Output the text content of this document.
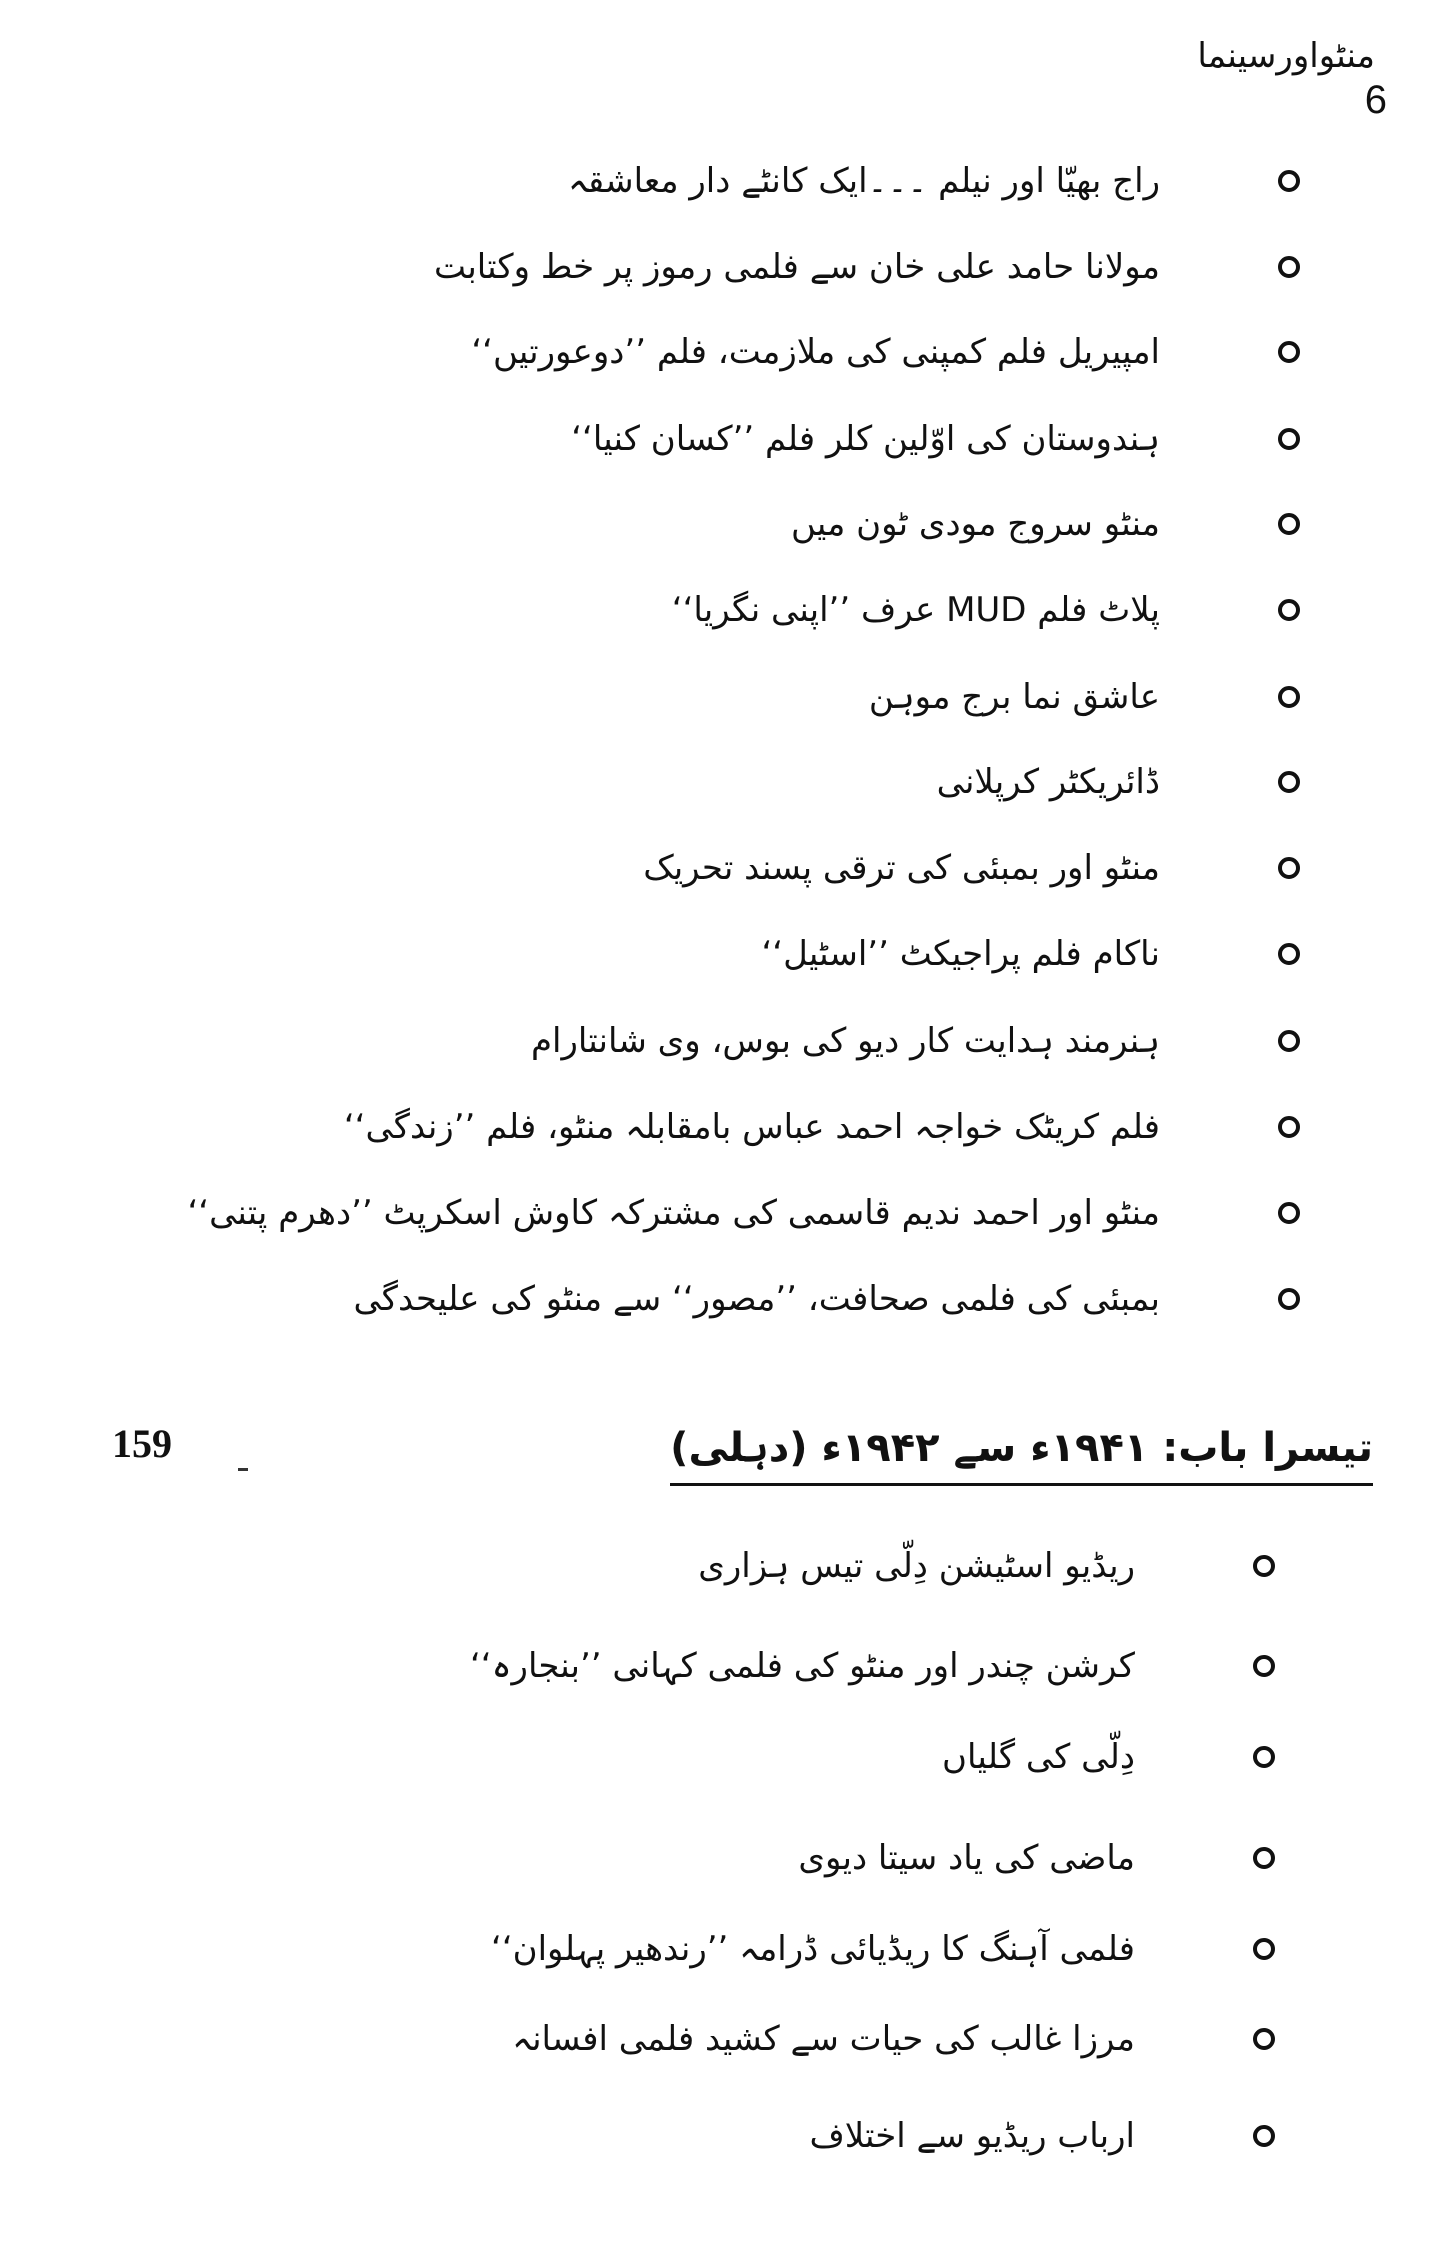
منٹواورسینما
6
راج بھیّا اور نیلم ۔۔۔ایک کانٹے دار معاشقہ
مولانا حامد علی خان سے فلمی رموز پر خط وکتابت
امپیریل فلم کمپنی کی ملازمت، فلم ’’دوعورتیں‘‘
ہندوستان کی اوّلین کلر فلم ’’کسان کنیا‘‘
منٹو سروج مودی ٹون میں
پلاٹ فلم MUD عرف ’’اپنی نگریا‘‘
عاشق نما برج موہن
ڈائریکٹر کرپلانی
منٹو اور بمبئی کی ترقی پسند تحریک
ناکام فلم پراجیکٹ ’’اسٹیل‘‘
ہنرمند ہدایت کار دیو کی بوس، وی شانتارام
فلم کریٹک خواجہ احمد عباس بامقابلہ منٹو، فلم ’’زندگی‘‘
منٹو اور احمد ندیم قاسمی کی مشترکہ کاوش اسکرپٹ ’’دھرم پتنی‘‘
بمبئی کی فلمی صحافت، ’’مصور‘‘ سے منٹو کی علیحدگی
159	تیسرا باب: ۱۹۴۱ء سے ۱۹۴۲ء (دہلی)
ریڈیو اسٹیشن دِلّی تیس ہزاری
کرشن چندر اور منٹو کی فلمی کہانی ’’بنجارہ‘‘
دِلّی کی گلیاں
ماضی کی یاد سیتا دیوی
فلمی آہنگ کا ریڈیائی ڈرامہ ’’رندھیر پہلوان‘‘
مرزا غالب کی حیات سے کشید فلمی افسانہ
ارباب ریڈیو سے اختلاف
